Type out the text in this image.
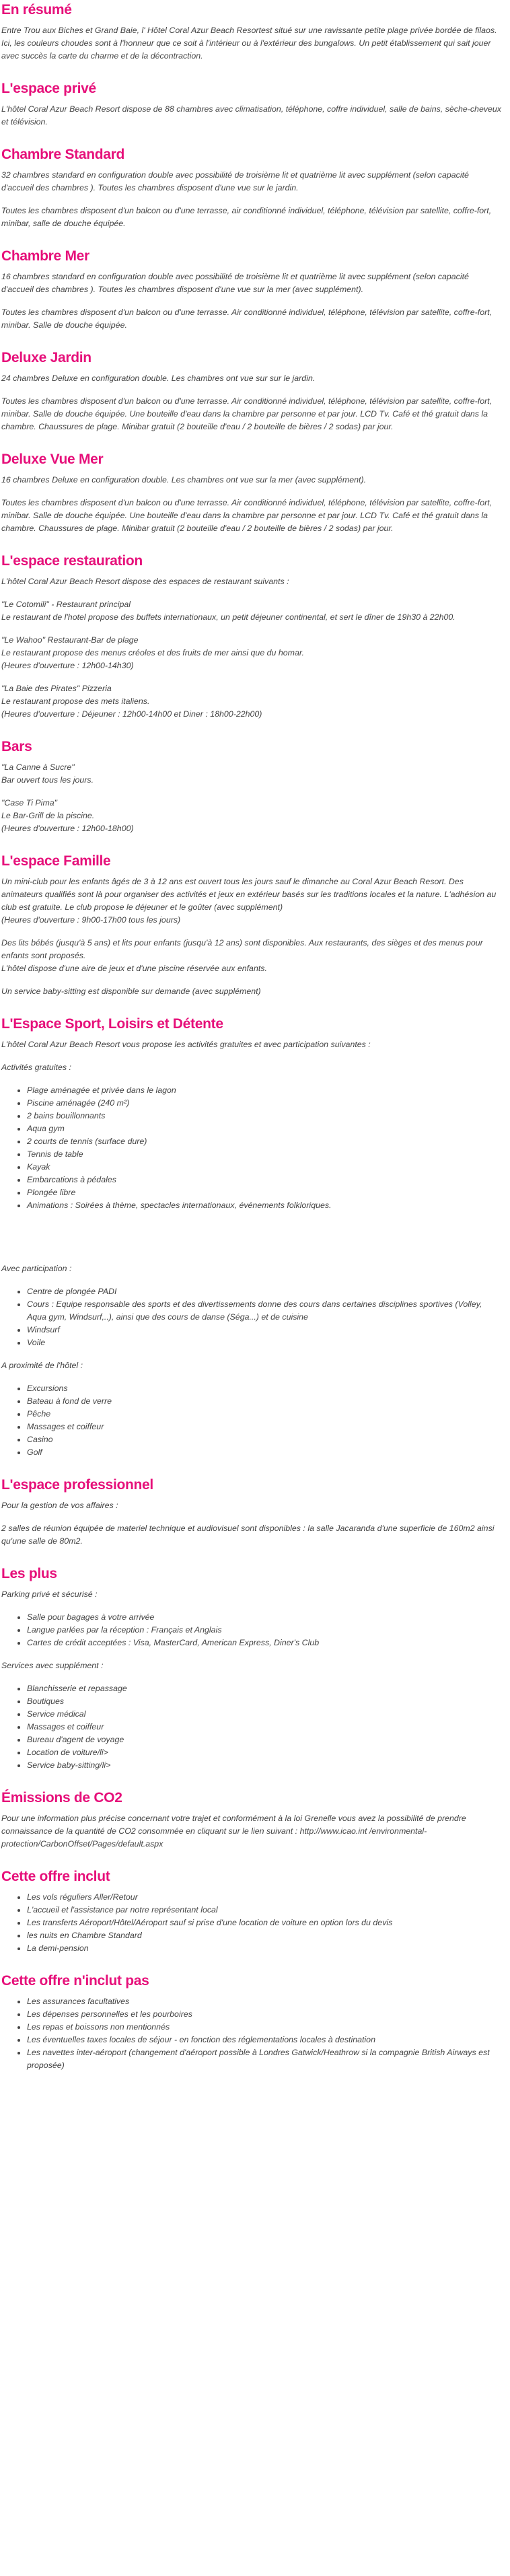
En résumé

Entre Trou aux Biches et Grand Baie, l' Hôtel Coral Azur Beach Resortest situé sur une ravissante petite plage privée bordée de filaos. Ici, les couleurs choudes sont à l'honneur que ce soit à l'intérieur ou à l'extérieur des bungalows. Un petit établissement qui sait jouer avec succès la carte du charme et de la décontraction.

L'espace privé

L'hôtel Coral Azur Beach Resort dispose de 88 chambres avec climatisation, téléphone, coffre individuel, salle de bains, sèche-cheveux et télévision.

Chambre Standard

32 chambres standard en configuration double avec possibilité de troisième lit et quatrième lit avec supplément (selon capacité d'accueil des chambres ). Toutes les chambres disposent d'une vue sur le jardin.

Toutes les chambres disposent d'un balcon ou d'une terrasse, air conditionné individuel, téléphone, télévision par satellite, coffre-fort, minibar, salle de douche équipée.

Chambre Mer

16 chambres standard en configuration double avec possibilité de troisième lit et quatrième lit avec supplément (selon capacité d'accueil des chambres ). Toutes les chambres disposent d'une vue sur la mer (avec supplément).

Toutes les chambres disposent d'un balcon ou d'une terrasse. Air conditionné individuel, téléphone, télévision par satellite, coffre-fort, minibar. Salle de douche équipée.

Deluxe Jardin

24 chambres Deluxe en configuration double. Les chambres ont vue sur sur le jardin.

Toutes les chambres disposent d'un balcon ou d'une terrasse. Air conditionné individuel, téléphone, télévision par satellite, coffre-fort, minibar. Salle de douche équipée. Une bouteille d'eau dans la chambre par personne et par jour. LCD Tv. Café et thé gratuit dans la chambre. Chaussures de plage. Minibar gratuit (2 bouteille d'eau / 2 bouteille de bières / 2 sodas) par jour.

Deluxe Vue Mer

16 chambres Deluxe en configuration double. Les chambres ont vue sur la mer (avec supplément).

Toutes les chambres disposent d'un balcon ou d'une terrasse. Air conditionné individuel, téléphone, télévision par satellite, coffre-fort, minibar. Salle de douche équipée. Une bouteille d'eau dans la chambre par personne et par jour. LCD Tv. Café et thé gratuit dans la chambre. Chaussures de plage. Minibar gratuit (2 bouteille d'eau / 2 bouteille de bières / 2 sodas) par jour.

L'espace restauration

L'hôtel Coral Azur Beach Resort dispose des espaces de restaurant suivants :

"Le Cotomili" - Restaurant principal
Le restaurant de l'hotel propose des buffets internationaux, un petit déjeuner continental, et sert le dîner de 19h30 à 22h00.

"Le Wahoo" Restaurant-Bar de plage
Le restaurant propose des menus créoles et des fruits de mer ainsi que du homar.
(Heures d'ouverture : 12h00-14h30)

"La Baie des Pirates" Pizzeria
Le restaurant propose des mets italiens.
(Heures d'ouverture : Déjeuner : 12h00-14h00 et Diner : 18h00-22h00)

Bars

"La Canne à Sucre"
Bar ouvert tous les jours.

"Case Ti Pima"
Le Bar-Grill de la piscine.
(Heures d'ouverture : 12h00-18h00)

L'espace Famille

Un mini-club pour les enfants âgés de 3 à 12 ans est ouvert tous les jours sauf le dimanche au Coral Azur Beach Resort. Des animateurs qualifiés sont là pour organiser des activités et jeux en extérieur basés sur les traditions locales et la nature. L'adhésion au club est gratuite. Le club propose le déjeuner et le goûter (avec supplément)
(Heures d'ouverture : 9h00-17h00 tous les jours)

Des lits bébés (jusqu'à 5 ans) et lits pour enfants (jusqu'à 12 ans) sont disponibles. Aux restaurants, des sièges et des menus pour enfants sont proposés.
L'hôtel dispose d'une aire de jeux et d'une piscine réservée aux enfants.

Un service baby-sitting est disponible sur demande (avec supplément)

L'Espace Sport, Loisirs et Détente

L'hôtel Coral Azur Beach Resort vous propose les activités gratuites et avec participation suivantes :

Activités gratuites :

• Plage aménagée et privée dans le lagon
• Piscine aménagée (240 m²)
• 2 bains bouillonnants
• Aqua gym
• 2 courts de tennis (surface dure)
• Tennis de table
• Kayak
• Embarcations à pédales
• Plongée libre
• Animations : Soirées à thème, spectacles internationaux, événements folkloriques.

Avec participation :

• Centre de plongée PADI
• Cours : Equipe responsable des sports et des divertissements donne des cours dans certaines disciplines sportives (Volley, Aqua gym, Windsurf,..), ainsi que des cours de danse (Séga...) et de cuisine
• Windsurf
• Voile

A proximité de l'hôtel :

• Excursions
• Bateau à fond de verre
• Pêche
• Massages et coiffeur
• Casino
• Golf
L'espace professionnel

Pour la gestion de vos affaires :

2 salles de réunion équipée de materiel technique et audiovisuel sont disponibles : la salle Jacaranda d'une superficie de 160m2 ainsi qu'une salle de 80m2.

Les plus

Parking privé et sécurisé :

• Salle pour bagages à votre arrivée
• Langue parlées par la réception : Français et Anglais
• Cartes de crédit acceptées : Visa, MasterCard, American Express, Diner's Club

Services avec supplément :

• Blanchisserie et repassage
• Boutiques
• Service médical
• Massages et coiffeur
• Bureau d'agent de voyage
• Location de voiture/li>
• Service baby-sitting/li>
Émissions de CO2

Pour une information plus précise concernant votre trajet et conformément à la loi Grenelle vous avez la possibilité de prendre connaissance de la quantité de CO2 consommée en cliquant sur le lien suivant : http://www.icao.int /environmental-protection/CarbonOffset/Pages/default.aspx

Cette offre inclut
• Les vols réguliers Aller/Retour
• L'accueil et l'assistance par notre représentant local
• Les transferts Aéroport/Hôtel/Aéroport sauf si prise d'une location de voiture en option lors du devis
• les nuits en Chambre Standard
• La demi-pension
Cette offre n'inclut pas
• Les assurances facultatives
• Les dépenses personnelles et les pourboires
• Les repas et boissons non mentionnés
• Les éventuelles taxes locales de séjour - en fonction des réglementations locales à destination
• Les navettes inter-aéroport (changement d'aéroport possible à Londres Gatwick/Heathrow si la compagnie British Airways est proposée)
